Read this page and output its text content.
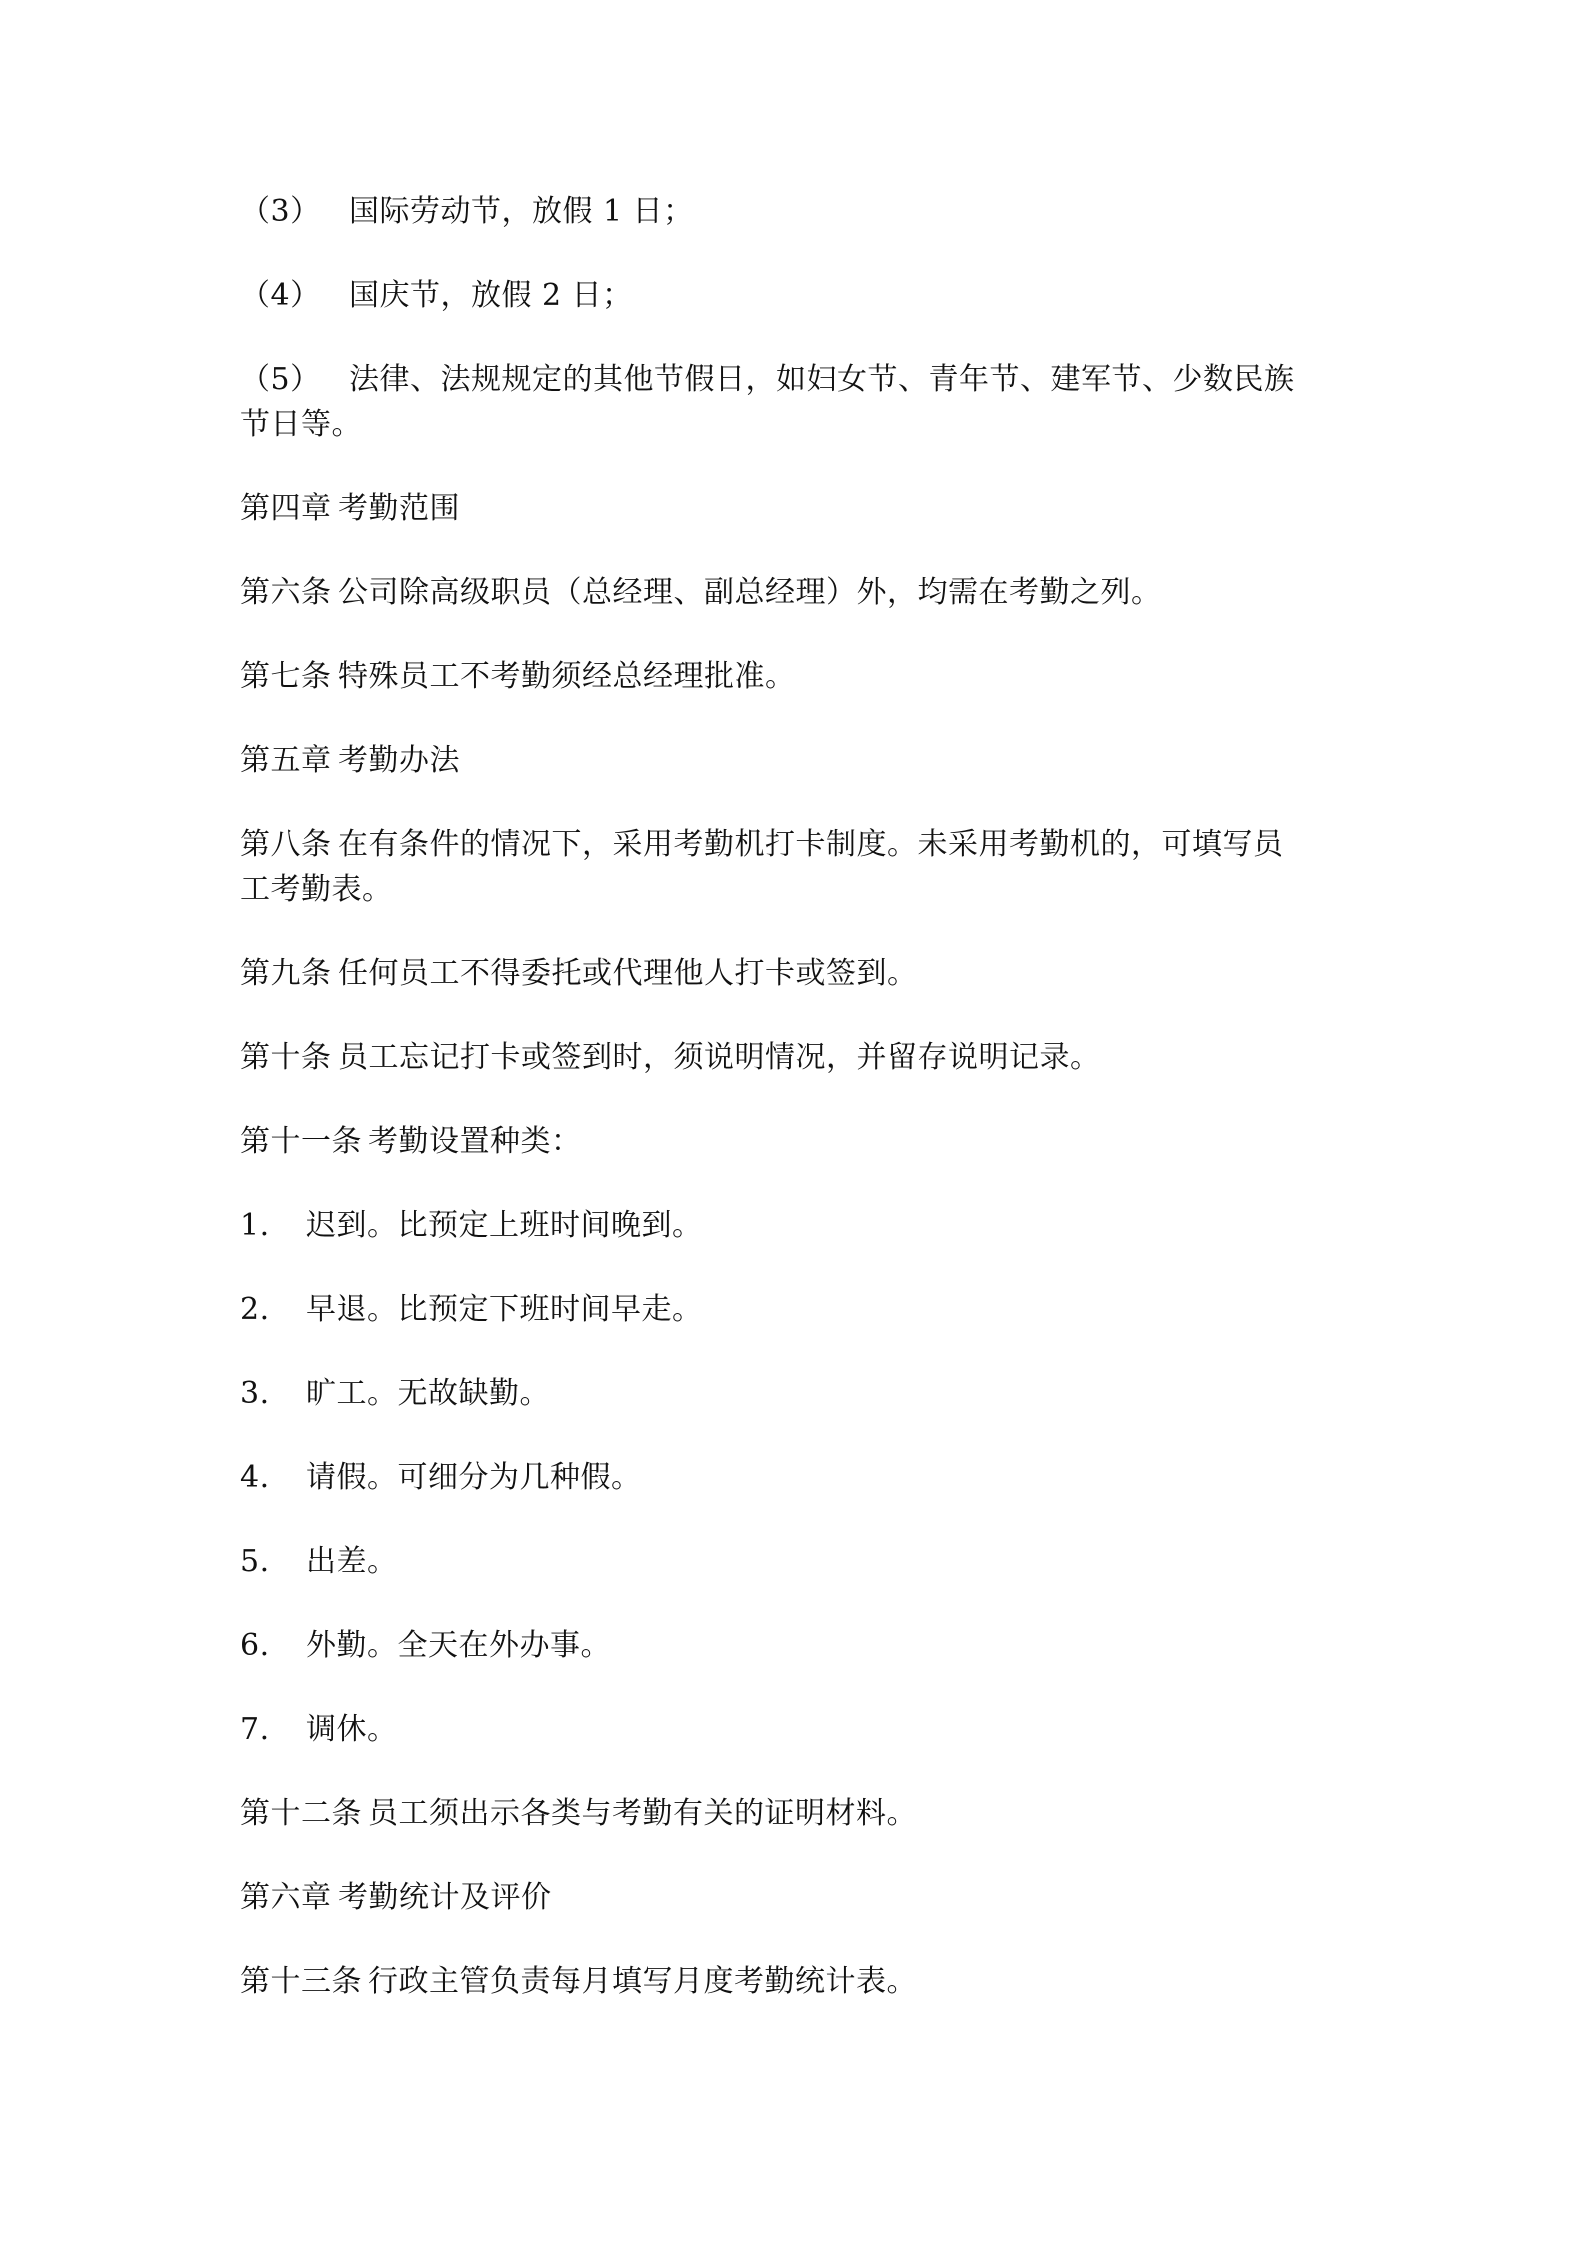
（3） 国际劳动节，放假 1 日；
（4） 国庆节，放假 2 日；
（5） 法律、法规规定的其他节假日，如妇女节、青年节、建军节、少数民族
节日等。
第四章 考勤范围
第六条 公司除高级职员（总经理、副总经理）外，均需在考勤之列。
第七条 特殊员工不考勤须经总经理批准。
第五章 考勤办法
第八条 在有条件的情况下，采用考勤机打卡制度。未采用考勤机的，可填写员
工考勤表。
第九条 任何员工不得委托或代理他人打卡或签到。
第十条 员工忘记打卡或签到时，须说明情况，并留存说明记录。
第十一条 考勤设置种类：
1. 迟到。比预定上班时间晚到。
2. 早退。比预定下班时间早走。
3. 旷工。无故缺勤。
4. 请假。可细分为几种假。
5. 出差。
6. 外勤。全天在外办事。
7. 调休。
第十二条 员工须出示各类与考勤有关的证明材料。
第六章 考勤统计及评价
第十三条 行政主管负责每月填写月度考勤统计表。
